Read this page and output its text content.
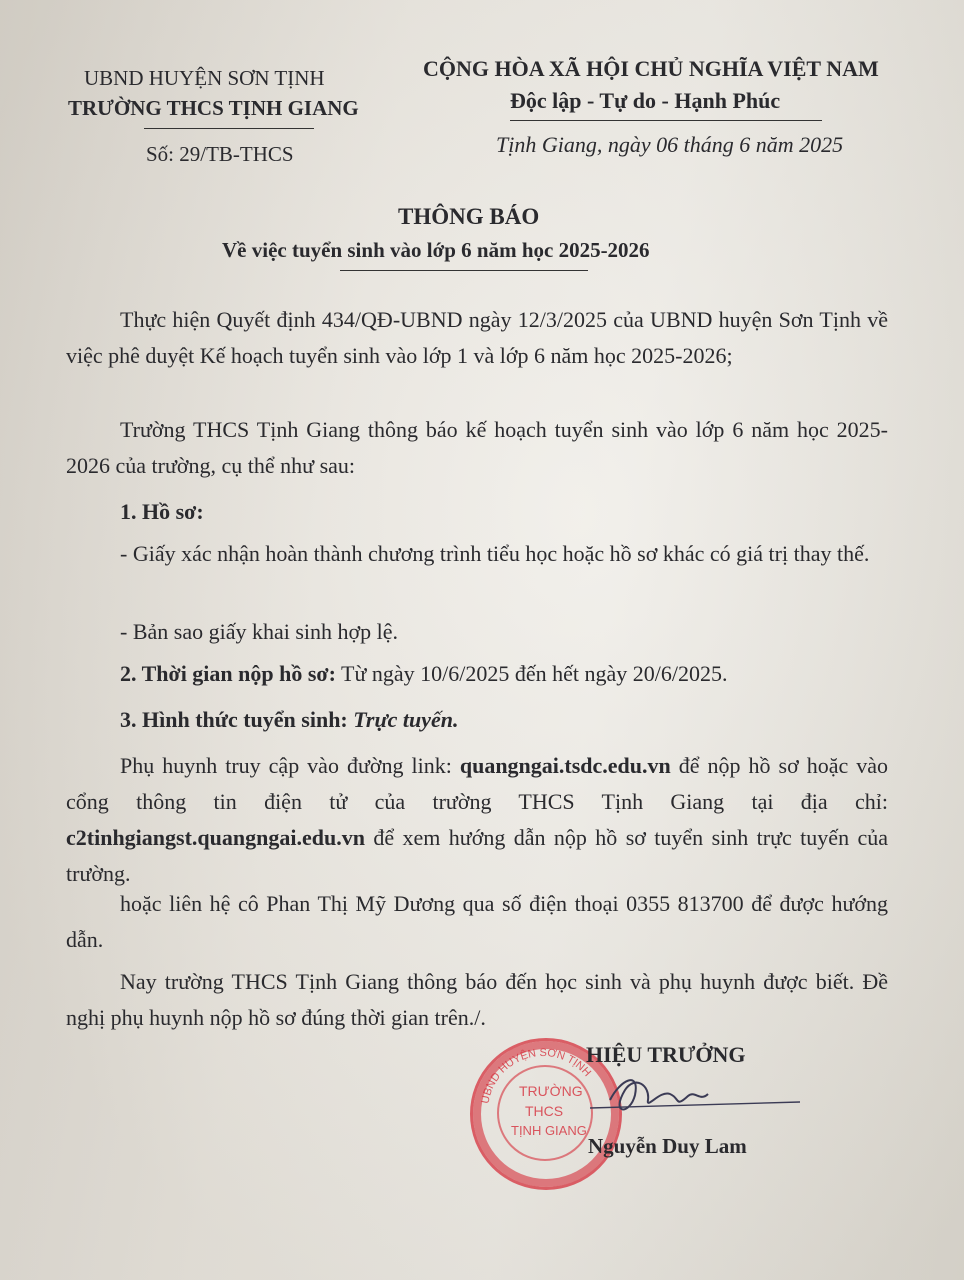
UBND HUYỆN SƠN TỊNH
TRƯỜNG THCS TỊNH GIANG
Số: 29/TB-THCS
CỘNG HÒA XÃ HỘI CHỦ NGHĨA VIỆT NAM
Độc lập - Tự do - Hạnh Phúc
Tịnh Giang, ngày 06 tháng 6 năm 2025
THÔNG BÁO
Về việc tuyển sinh vào lớp 6 năm học 2025-2026
Thực hiện Quyết định 434/QĐ-UBND ngày 12/3/2025 của UBND huyện Sơn Tịnh về việc phê duyệt Kế hoạch tuyển sinh vào lớp 1 và lớp 6 năm học 2025-2026;
Trường THCS Tịnh Giang thông báo kế hoạch tuyển sinh vào lớp 6 năm học 2025-2026 của trường, cụ thể như sau:
1. Hồ sơ:
- Giấy xác nhận hoàn thành chương trình tiểu học hoặc hồ sơ khác có giá trị thay thế.
- Bản sao giấy khai sinh hợp lệ.
2. Thời gian nộp hồ sơ: Từ ngày 10/6/2025 đến hết ngày 20/6/2025.
3. Hình thức tuyển sinh: Trực tuyến.
Phụ huynh truy cập vào đường link: quangngai.tsdc.edu.vn để nộp hồ sơ hoặc vào cổng thông tin điện tử của trường THCS Tịnh Giang tại địa chỉ: c2tinhgiangst.quangngai.edu.vn để xem hướng dẫn nộp hồ sơ tuyển sinh trực tuyến của trường.
hoặc liên hệ cô Phan Thị Mỹ Dương qua số điện thoại 0355 813700 để được hướng dẫn.
Nay trường THCS Tịnh Giang thông báo đến học sinh và phụ huynh được biết. Đề nghị phụ huynh nộp hồ sơ đúng thời gian trên./.
UBND HUYỆN SƠN TỊNH
TRƯỜNG
THCS
TỊNH GIANG
HIỆU TRƯỞNG
Nguyễn Duy Lam
